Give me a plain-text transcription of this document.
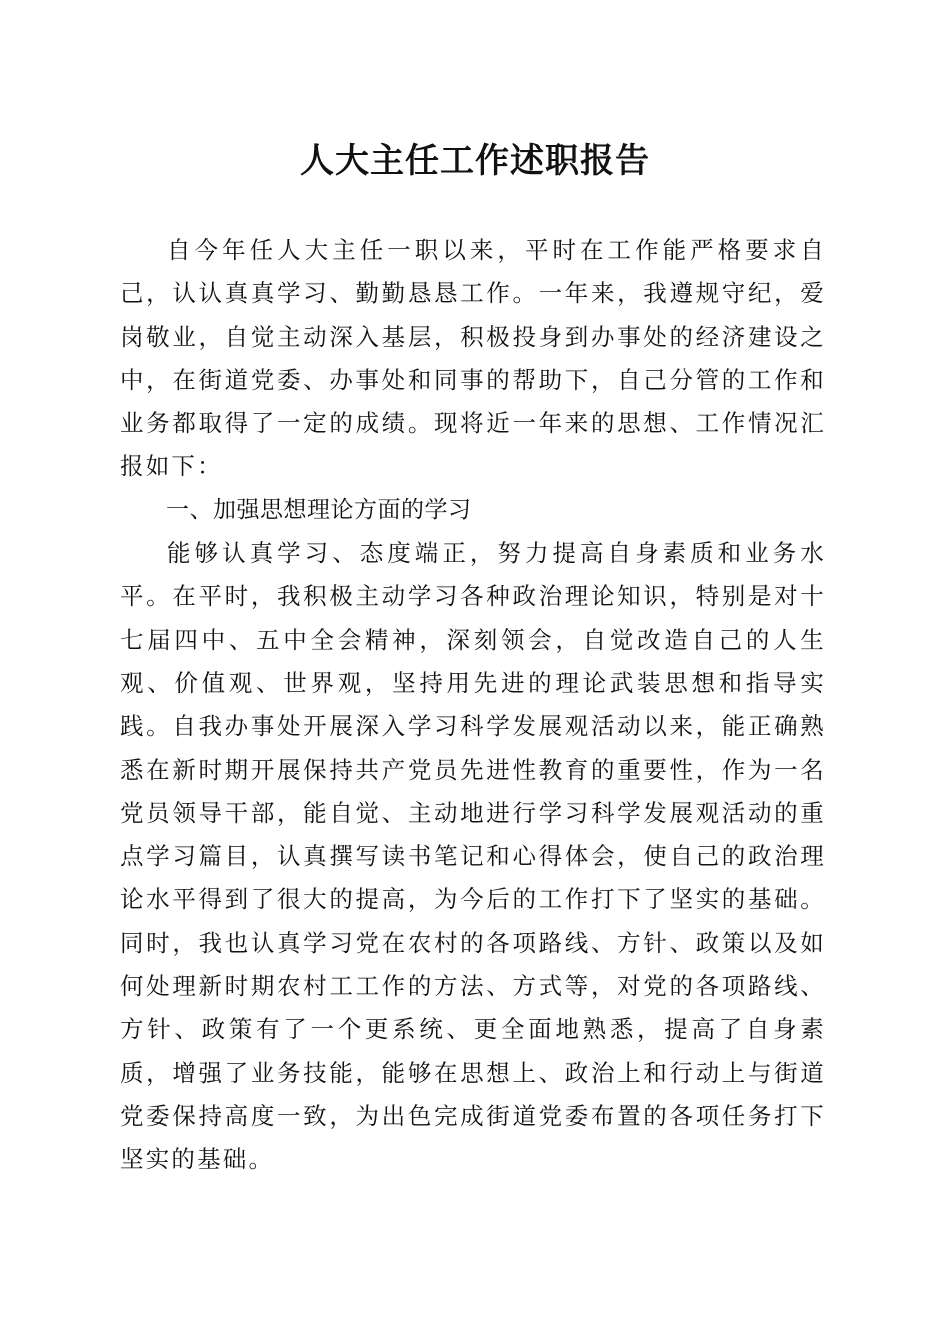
人大主任工作述职报告

自今年任人大主任一职以来，平时在工作能严格要求自己，认认真真学习、勤勤恳恳工作。一年来，我遵规守纪，爱岗敬业，自觉主动深入基层，积极投身到办事处的经济建设之中，在街道党委、办事处和同事的帮助下，自己分管的工作和业务都取得了一定的成绩。现将近一年来的思想、工作情况汇报如下：

一、加强思想理论方面的学习

能够认真学习、态度端正，努力提高自身素质和业务水平。在平时，我积极主动学习各种政治理论知识，特别是对十七届四中、五中全会精神，深刻领会，自觉改造自己的人生观、价值观、世界观，坚持用先进的理论武装思想和指导实践。自我办事处开展深入学习科学发展观活动以来，能正确熟悉在新时期开展保持共产党员先进性教育的重要性，作为一名党员领导干部，能自觉、主动地进行学习科学发展观活动的重点学习篇目，认真撰写读书笔记和心得体会，使自己的政治理论水平得到了很大的提高，为今后的工作打下了坚实的基础。同时，我也认真学习党在农村的各项路线、方针、政策以及如何处理新时期农村工工作的方法、方式等，对党的各项路线、方针、政策有了一个更系统、更全面地熟悉，提高了自身素质，增强了业务技能，能够在思想上、政治上和行动上与街道党委保持高度一致，为出色完成街道党委布置的各项任务打下坚实的基础。
